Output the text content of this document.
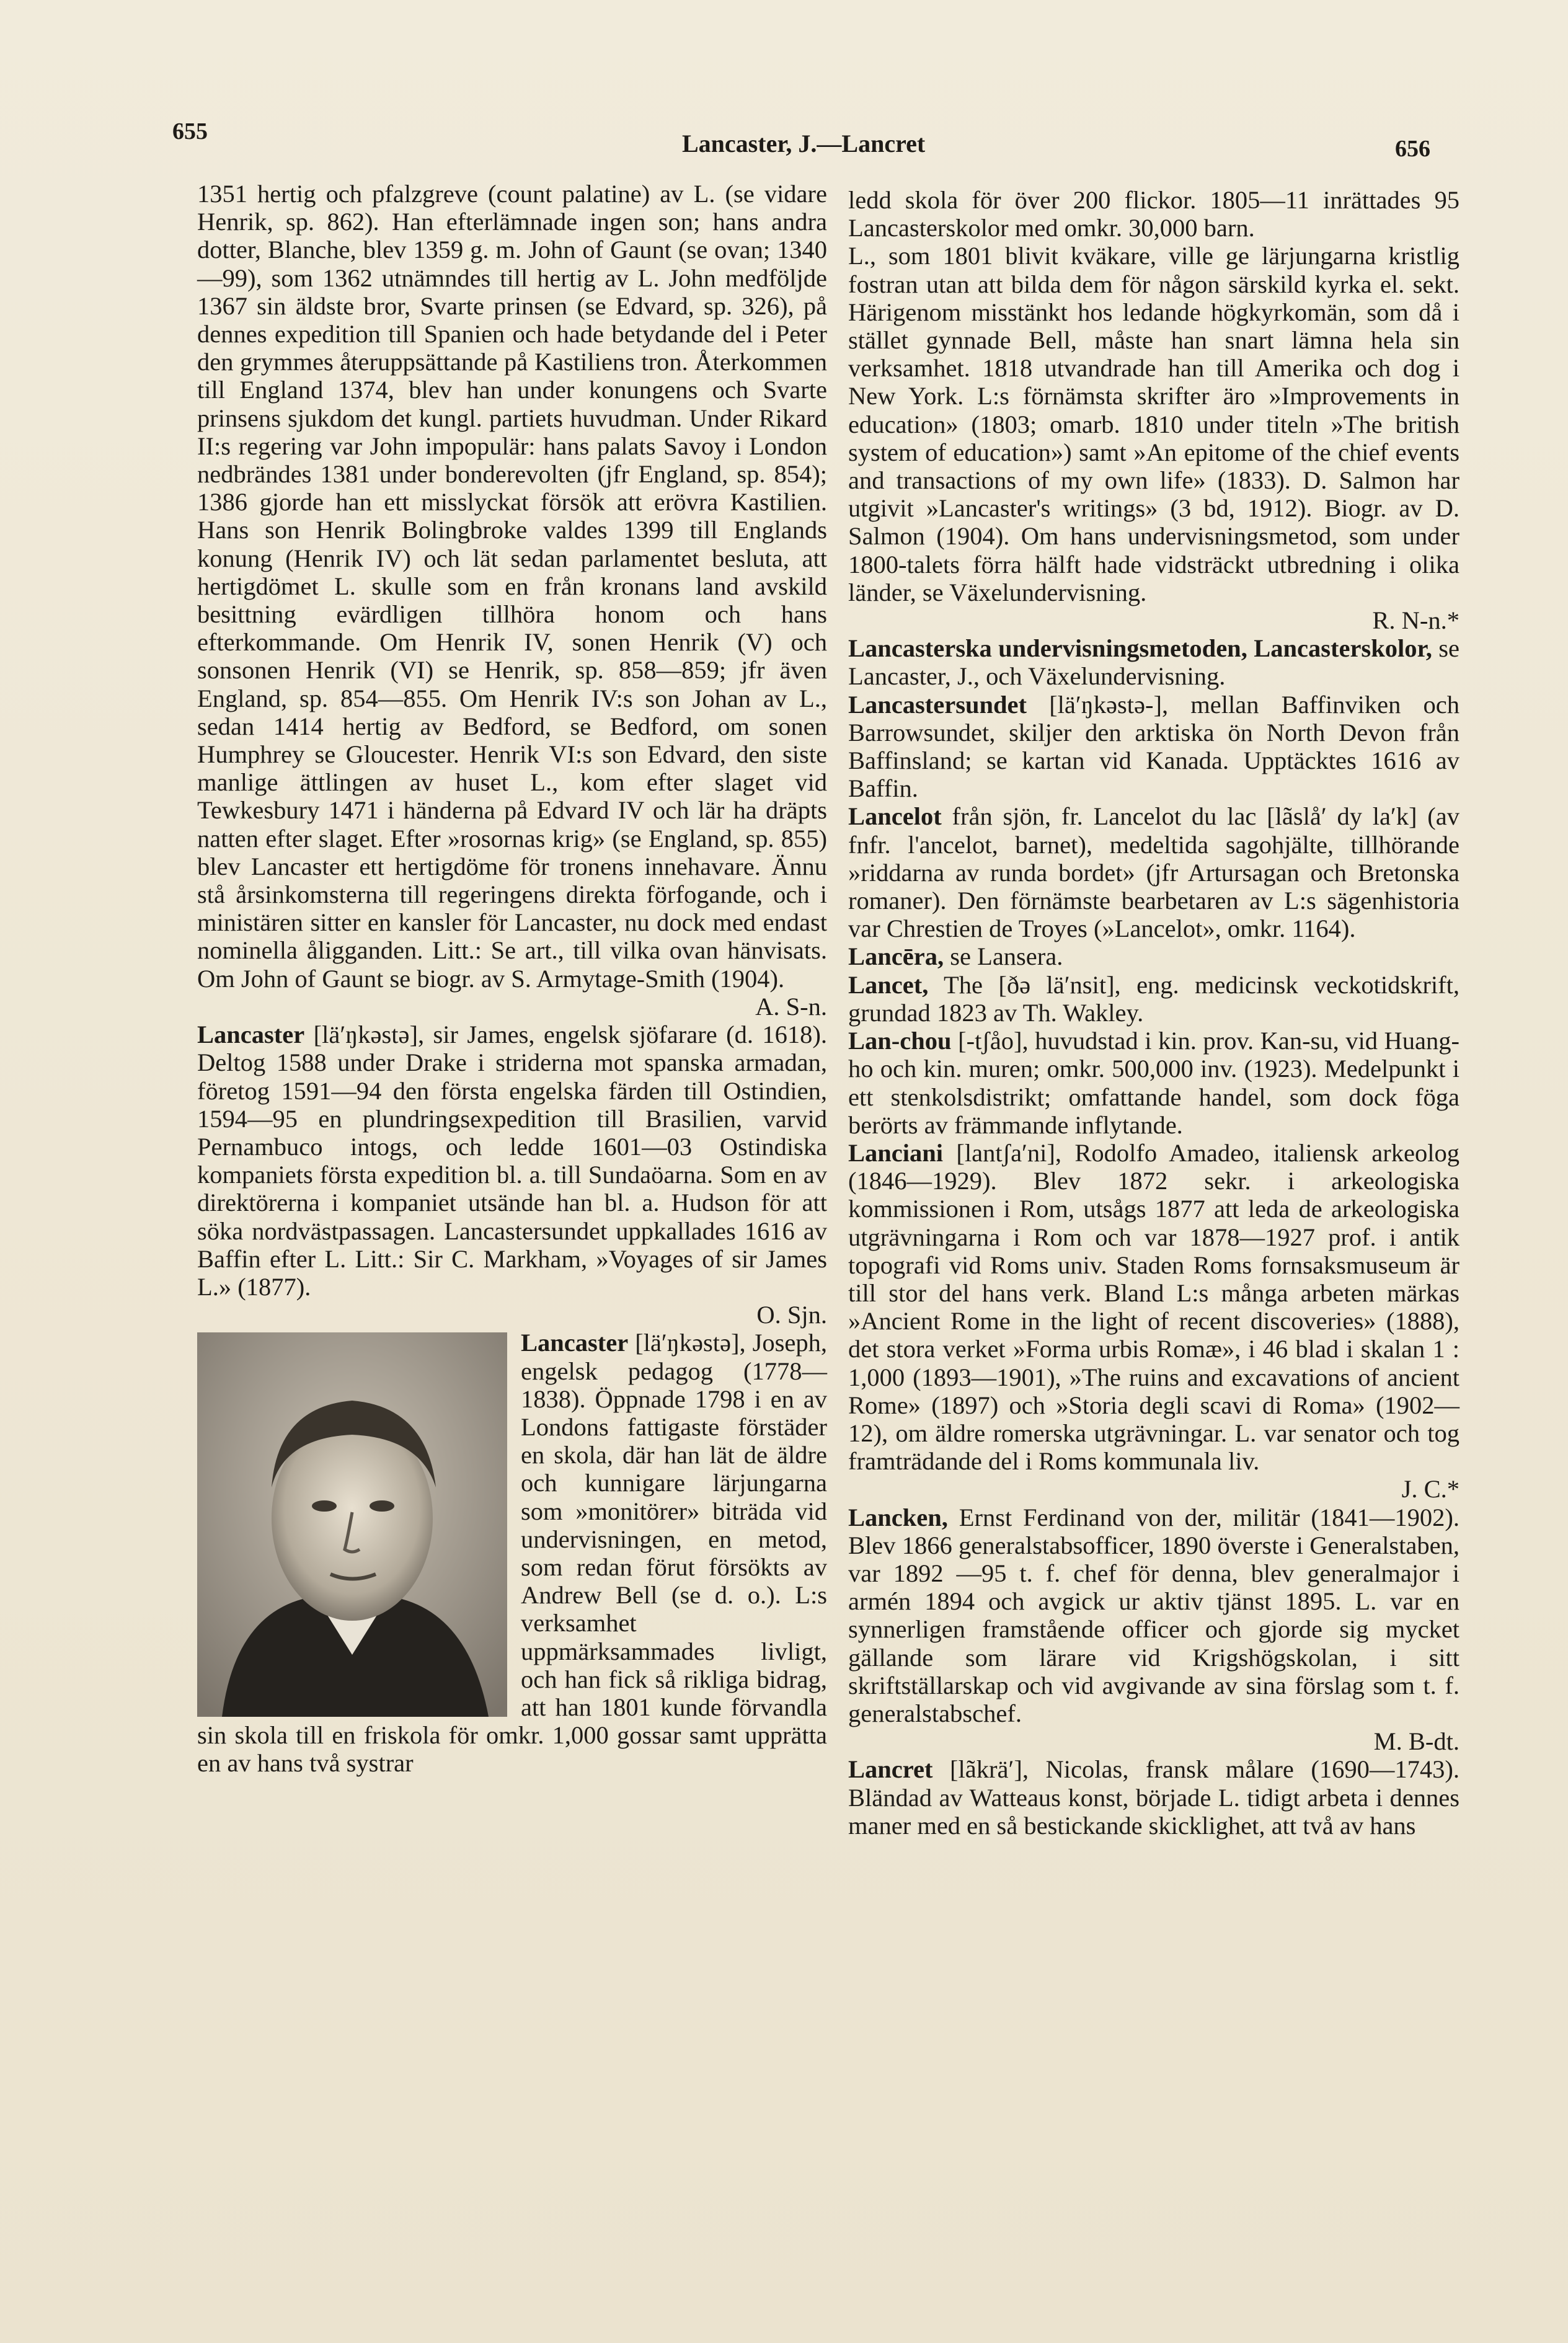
655	Lancaster, J.—Lancret	656

1351 hertig och pfalzgreve (count palatine) av L. (se vidare Henrik, sp. 862). Han efterlämnade ingen son; hans andra dotter, Blanche, blev 1359 g. m. John of Gaunt (se ovan; 1340—99), som 1362 utnämndes till hertig av L. John medföljde 1367 sin äldste bror, Svarte prinsen (se Edvard, sp. 326), på dennes expedition till Spanien och hade betydande del i Peter den grymmes återuppsättande på Kastiliens tron. Återkommen till England 1374, blev han under konungens och Svarte prinsens sjukdom det kungl. partiets huvudman. Under Rikard II:s regering var John impopulär: hans palats Savoy i London nedbrändes 1381 under bonderevolten (jfr England, sp. 854); 1386 gjorde han ett misslyckat försök att erövra Kastilien. Hans son Henrik Bolingbroke valdes 1399 till Englands konung (Henrik IV) och lät sedan parlamentet besluta, att hertigdömet L. skulle som en från kronans land avskild besittning evärdligen tillhöra honom och hans efterkommande. Om Henrik IV, sonen Henrik (V) och sonsonen Henrik (VI) se Henrik, sp. 858—859; jfr även England, sp. 854—855. Om Henrik IV:s son Johan av L., sedan 1414 hertig av Bedford, se Bedford, om sonen Humphrey se Gloucester. Henrik VI:s son Edvard, den siste manlige ättlingen av huset L., kom efter slaget vid Tewkesbury 1471 i händerna på Edvard IV och lär ha dräpts natten efter slaget. Efter »rosornas krig» (se England, sp. 855) blev Lancaster ett hertigdöme för tronens innehavare. Ännu stå årsinkomsterna till regeringens direkta förfogande, och i ministären sitter en kansler för Lancaster, nu dock med endast nominella åligganden. Litt.: Se art., till vilka ovan hänvisats. Om John of Gaunt se biogr. av S. Armytage-Smith (1904).

A. S-n.

Lancaster [lä′ŋkəstə], sir James, engelsk sjöfarare (d. 1618). Deltog 1588 under Drake i striderna mot spanska armadan, företog 1591—94 den första engelska färden till Ostindien, 1594—95 en plundringsexpedition till Brasilien, varvid Pernambuco intogs, och ledde 1601—03 Ostindiska kompaniets första expedition bl. a. till Sundaöarna. Som en av direktörerna i kompaniet utsände han bl. a. Hudson för att söka nordvästpassagen. Lancastersundet uppkallades 1616 av Baffin efter L. Litt.: Sir C. Markham, »Voyages of sir James L.» (1877).

O. Sjn.

Lancaster [lä′ŋkəstə], Joseph, engelsk pedagog (1778—1838). Öppnade 1798 i en av Londons fattigaste förstäder en skola, där han lät de äldre och kunnigare lärjungarna som »monitörer» biträda vid undervisningen, en metod, som redan förut försökts av Andrew Bell (se d. o.). L:s verksamhet uppmärksammades livligt, och han fick så rikliga bidrag, att han 1801 kunde förvandla sin skola till en friskola för omkr. 1,000 gossar samt upprätta en av hans två systrar

ledd skola för över 200 flickor. 1805—11 inrättades 95 Lancasterskolor med omkr. 30,000 barn.

L., som 1801 blivit kväkare, ville ge lärjungarna kristlig fostran utan att bilda dem för någon särskild kyrka el. sekt. Härigenom misstänkt hos ledande högkyrkomän, som då i stället gynnade Bell, måste han snart lämna hela sin verksamhet. 1818 utvandrade han till Amerika och dog i New York. L:s förnämsta skrifter äro »Improvements in education» (1803; omarb. 1810 under titeln »The british system of education») samt »An epitome of the chief events and transactions of my own life» (1833). D. Salmon har utgivit »Lancaster's writings» (3 bd, 1912). Biogr. av D. Salmon (1904). Om hans undervisningsmetod, som under 1800-talets förra hälft hade vidsträckt utbredning i olika länder, se Växelundervisning.

R. N-n.*

Lancasterska undervisningsmetoden, Lancasterskolor, se Lancaster, J., och Växelundervisning.

Lancastersundet [lä′ŋkəstə-], mellan Baffinviken och Barrowsundet, skiljer den arktiska ön North Devon från Baffinsland; se kartan vid Kanada. Upptäcktes 1616 av Baffin.

Lancelot från sjön, fr. Lancelot du lac [lãslå′ dy la′k] (av fnfr. l'ancelot, barnet), medeltida sagohjälte, tillhörande »riddarna av runda bordet» (jfr Artursagan och Bretonska romaner). Den förnämste bearbetaren av L:s sägenhistoria var Chrestien de Troyes (»Lancelot», omkr. 1164).

Lancēra, se Lansera.

Lancet, The [ðə lä′nsit], eng. medicinsk veckotidskrift, grundad 1823 av Th. Wakley.

Lan-chou [-tʃåo], huvudstad i kin. prov. Kan-su, vid Huang-ho och kin. muren; omkr. 500,000 inv. (1923). Medelpunkt i ett stenkolsdistrikt; omfattande handel, som dock föga berörts av främmande inflytande.

Lanciani [lantʃa′ni], Rodolfo Amadeo, italiensk arkeolog (1846—1929). Blev 1872 sekr. i arkeologiska kommissionen i Rom, utsågs 1877 att leda de arkeologiska utgrävningarna i Rom och var 1878—1927 prof. i antik topografi vid Roms univ. Staden Roms fornsaksmuseum är till stor del hans verk. Bland L:s många arbeten märkas »Ancient Rome in the light of recent discoveries» (1888), det stora verket »Forma urbis Romæ», i 46 blad i skalan 1 : 1,000 (1893—1901), »The ruins and excavations of ancient Rome» (1897) och »Storia degli scavi di Roma» (1902—12), om äldre romerska utgrävningar. L. var senator och tog framträdande del i Roms kommunala liv.

J. C.*

Lancken, Ernst Ferdinand von der, militär (1841—1902). Blev 1866 generalstabsofficer, 1890 överste i Generalstaben, var 1892 —95 t. f. chef för denna, blev generalmajor i armén 1894 och avgick ur aktiv tjänst 1895. L. var en synnerligen framstående officer och gjorde sig mycket gällande som lärare vid Krigshögskolan, i sitt skriftställarskap och vid avgivande av sina förslag som t. f. generalstabschef.

M. B-dt.

Lancret [lãkrä′], Nicolas, fransk målare (1690—1743). Bländad av Watteaus konst, började L. tidigt arbeta i dennes maner med en så bestickande skicklighet, att två av hans
